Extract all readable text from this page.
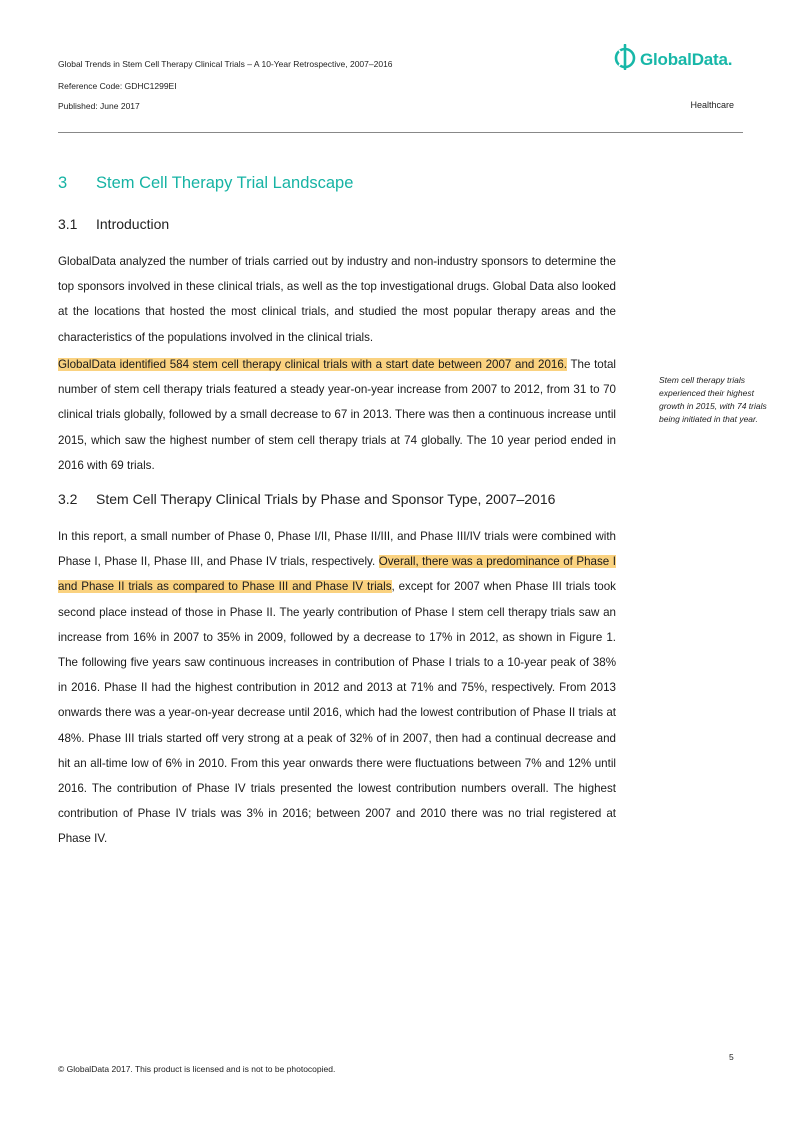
Global Trends in Stem Cell Therapy Clinical Trials – A 10-Year Retrospective, 2007–2016
Reference Code: GDHC1299EI
Published: June 2017	Healthcare
GlobalData.
3 Stem Cell Therapy Trial Landscape
3.1 Introduction

GlobalData analyzed the number of trials carried out by industry and non-industry sponsors to determine the top sponsors involved in these clinical trials, as well as the top investigational drugs. Global Data also looked at the locations that hosted the most clinical trials, and studied the most popular therapy areas and the characteristics of the populations involved in the clinical trials.

GlobalData identified 584 stem cell therapy clinical trials with a start date between 2007 and 2016. The total number of stem cell therapy trials featured a steady year-on-year increase from 2007 to 2012, from 31 to 70 clinical trials globally, followed by a small decrease to 67 in 2013. There was then a continuous increase until 2015, which saw the highest number of stem cell therapy trials at 74 globally. The 10 year period ended in 2016 with 69 trials.

Stem cell therapy trials experienced their highest growth in 2015, with 74 trials being initiated in that year.

3.2 Stem Cell Therapy Clinical Trials by Phase and Sponsor Type, 2007–2016

In this report, a small number of Phase 0, Phase I/II, Phase II/III, and Phase III/IV trials were combined with Phase I, Phase II, Phase III, and Phase IV trials, respectively. Overall, there was a predominance of Phase I and Phase II trials as compared to Phase III and Phase IV trials, except for 2007 when Phase III trials took second place instead of those in Phase II. The yearly contribution of Phase I stem cell therapy trials saw an increase from 16% in 2007 to 35% in 2009, followed by a decrease to 17% in 2012, as shown in Figure 1. The following five years saw continuous increases in contribution of Phase I trials to a 10-year peak of 38% in 2016. Phase II had the highest contribution in 2012 and 2013 at 71% and 75%, respectively. From 2013 onwards there was a year-on-year decrease until 2016, which had the lowest contribution of Phase II trials at 48%. Phase III trials started off very strong at a peak of 32% of in 2007, then had a continual decrease and hit an all-time low of 6% in 2010. From this year onwards there were fluctuations between 7% and 12% until 2016. The contribution of Phase IV trials presented the lowest contribution numbers overall. The highest contribution of Phase IV trials was 3% in 2016; between 2007 and 2010 there was no trial registered at Phase IV.

5
© GlobalData 2017. This product is licensed and is not to be photocopied.
